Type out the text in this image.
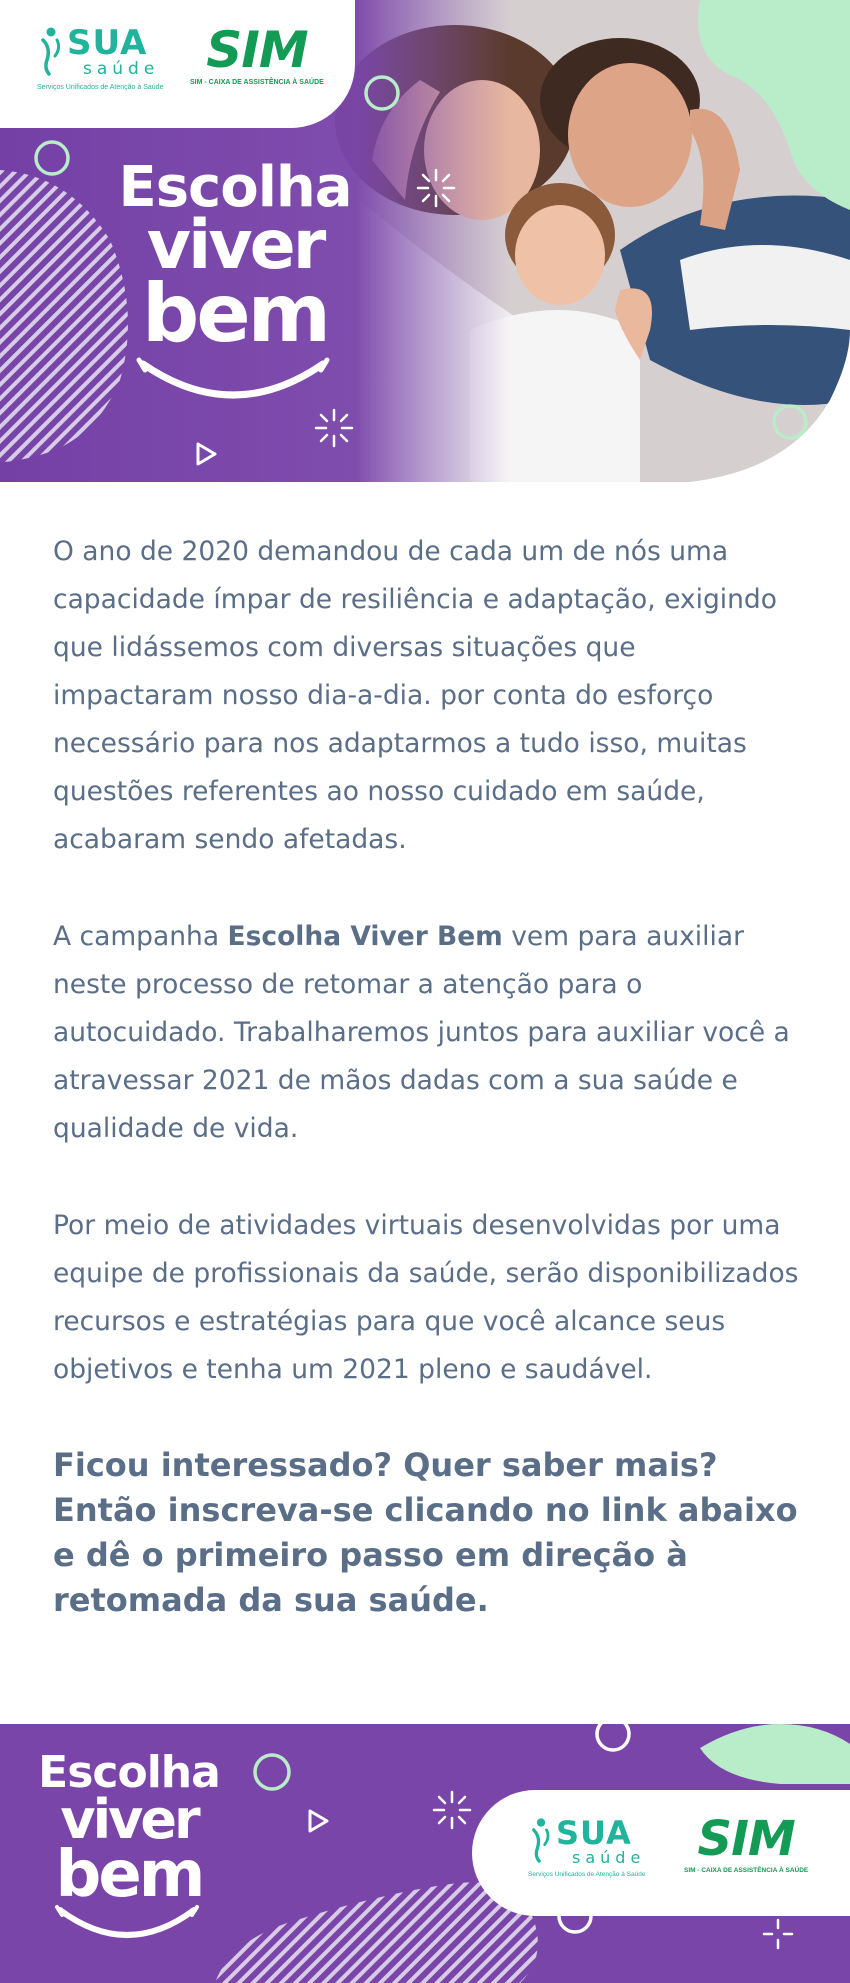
SUA
saúde
Serviços Unificados de Atenção à Saúde
SIM
SIM - CAIXA DE ASSISTÊNCIA À SAÚDE
Escolha
viver
bem

O ano de 2020 demandou de cada um de nós uma capacidade ímpar de resiliência e adaptação, exigindo que lidássemos com diversas situações que impactaram nosso dia-a-dia. por conta do esforço necessário para nos adaptarmos a tudo isso, muitas questões referentes ao nosso cuidado em saúde, acabaram sendo afetadas.

A campanha Escolha Viver Bem vem para auxiliar neste processo de retomar a atenção para o autocuidado. Trabalharemos juntos para auxiliar você a atravessar 2021 de mãos dadas com a sua saúde e qualidade de vida.

Por meio de atividades virtuais desenvolvidas por uma equipe de profissionais da saúde, serão disponibilizados recursos e estratégias para que você alcance seus objetivos e tenha um 2021 pleno e saudável.

Ficou interessado? Quer saber mais? Então inscreva-se clicando no link abaixo e dê o primeiro passo em direção à retomada da sua saúde.

Escolha
viver
bem
SUA
saúde
Serviços Unificados de Atenção à Saúde
SIM
SIM - CAIXA DE ASSISTÊNCIA À SAÚDE
